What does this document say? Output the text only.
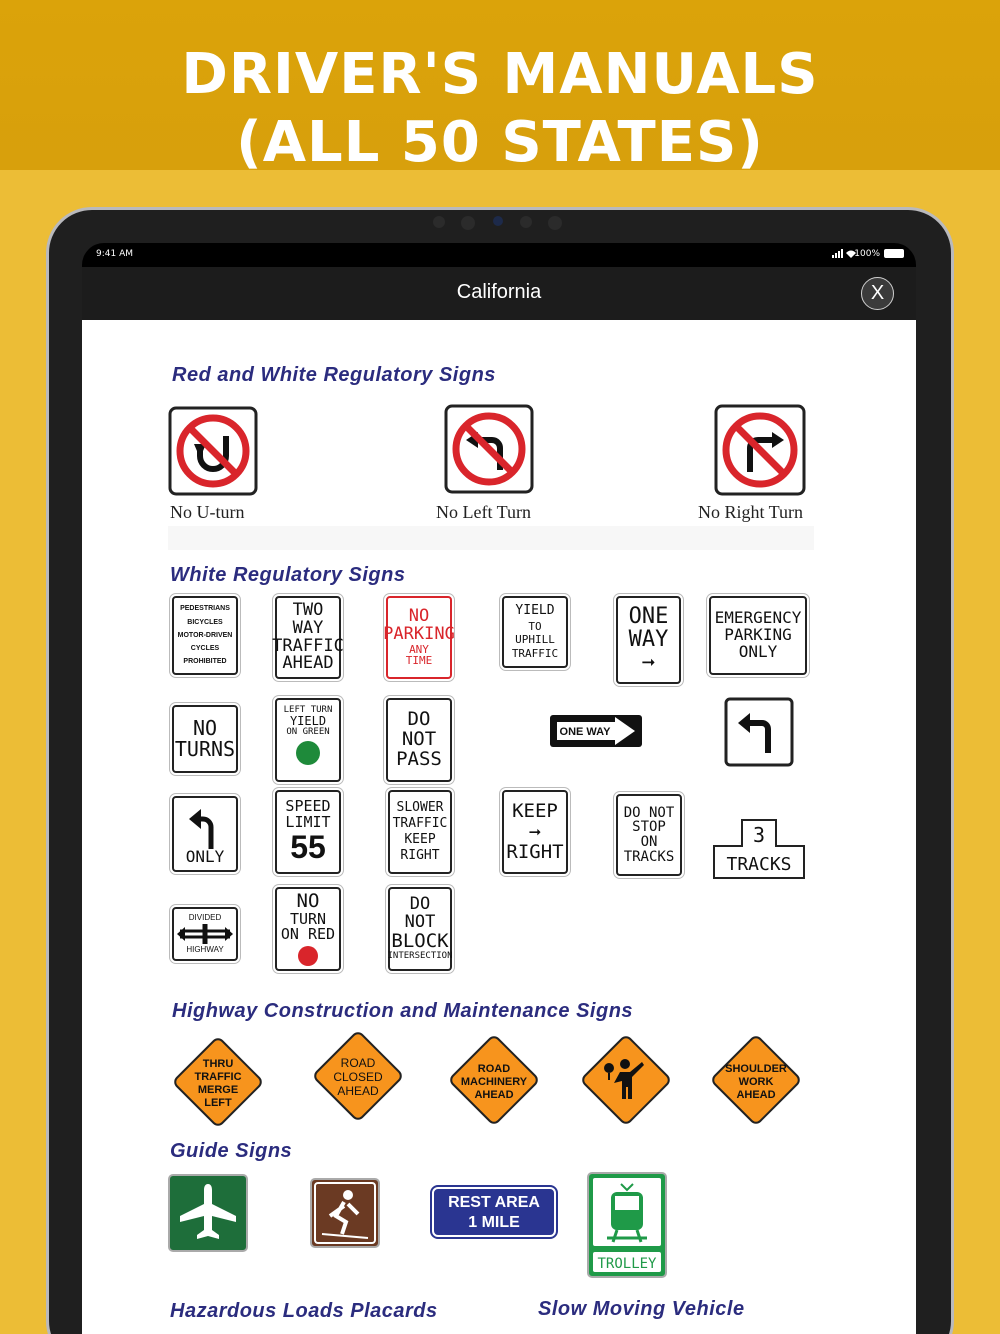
DRIVER'S MANUALS
(ALL 50 STATES)
9:41 AM	100%
California	X
Red and White Regulatory Signs
No U-turn	No Left Turn	No Right Turn
White Regulatory Signs
PEDESTRIANS
BICYCLES
MOTOR-DRIVEN
CYCLES
PROHIBITED
TWO WAY
TRAFFIC
AHEAD
NO
PARKING
ANY
TIME
YIELD
TO
UPHILL
TRAFFIC
ONE
WAY
➞
EMERGENCY
PARKING
ONLY
NO
TURNS
LEFT TURN
YIELD
ON GREEN
DO
NOT
PASS
ONE WAY
ONLY
SPEED
LIMIT
55
SLOWER
TRAFFIC
KEEP
RIGHT
KEEP
➞
RIGHT
DO NOT
STOP
ON
TRACKS
3
TRACKS
DIVIDED
HIGHWAY
NO
TURN
ON RED
DO NOT
BLOCK
INTERSECTION
Highway Construction and Maintenance Signs
THRU
TRAFFIC
MERGE
LEFT
ROAD
CLOSED
AHEAD
ROAD
MACHINERY
AHEAD
SHOULDER
WORK
AHEAD
Guide Signs
REST AREA
1 MILE
TROLLEY
Hazardous Loads Placards	Slow Moving Vehicle
